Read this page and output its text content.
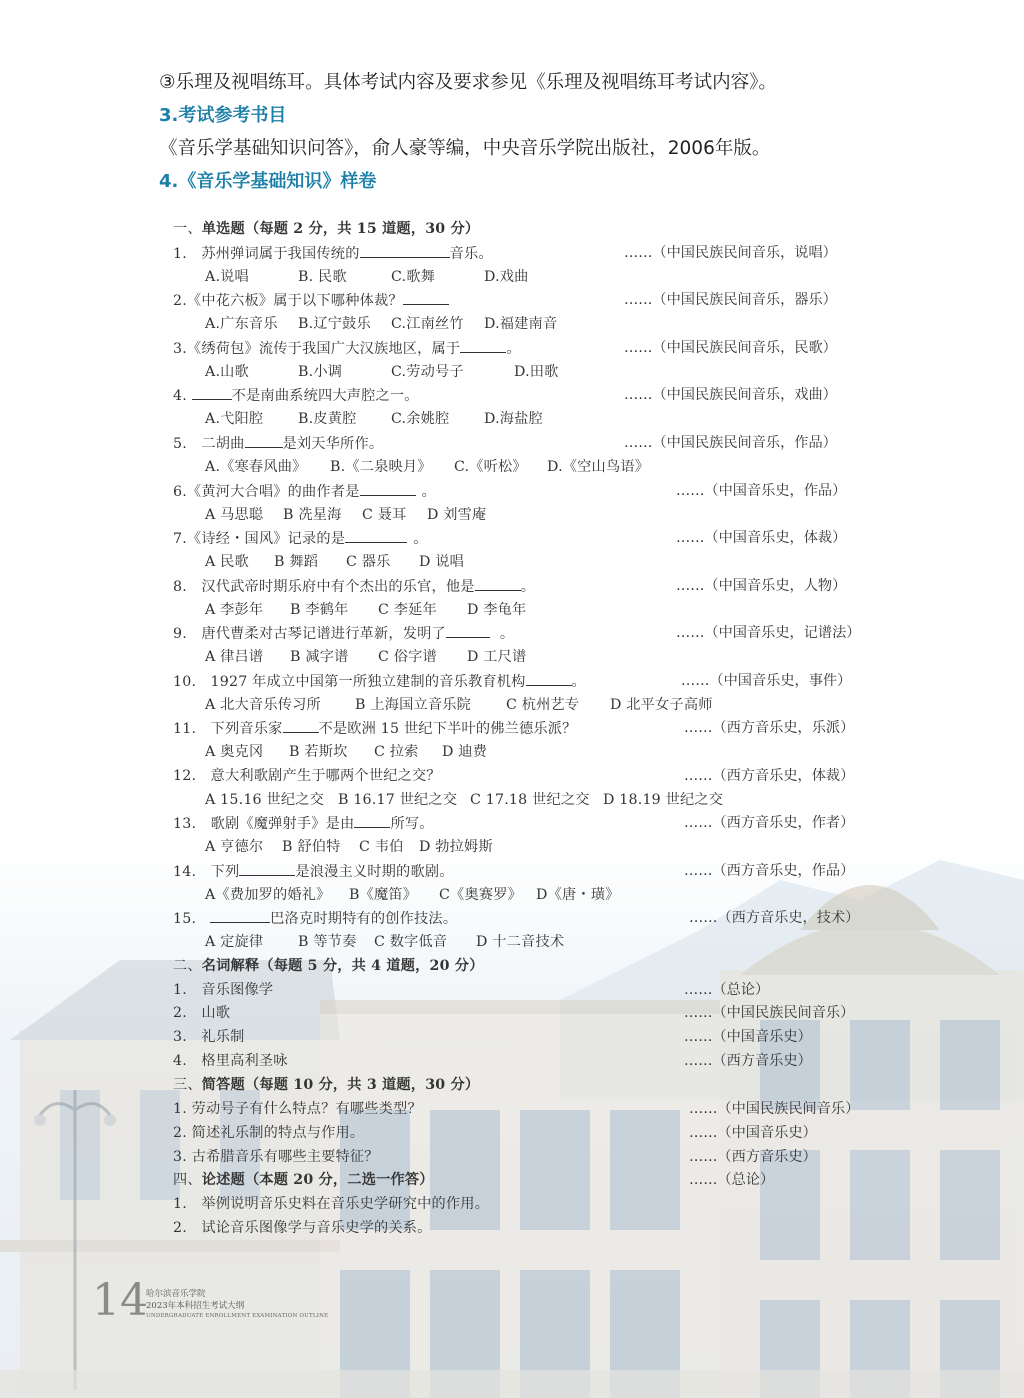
③乐理及视唱练耳。具体考试内容及要求参见《乐理及视唱练耳考试内容》。
3.考试参考书目
《音乐学基础知识问答》，俞人豪等编，中央音乐学院出版社，2006年版。
4.《音乐学基础知识》样卷
一、单选题（每题 2 分，共 15 道题，30 分）
1.　苏州弹词属于我国传统的	音乐。	……（中国民族民间音乐，说唱）
A.说唱	B. 民歌	C.歌舞	D.戏曲
2.《中花六板》属于以下哪种体裁？	……（中国民族民间音乐，器乐）
A.广东音乐 B.辽宁鼓乐 C.江南丝竹 D.福建南音
3.《绣荷包》流传于我国广大汉族地区，属于	。	……（中国民族民间音乐，民歌）
A.山歌	B.小调	C.劳动号子	D.田歌
4.	不是南曲系统四大声腔之一。	……（中国民族民间音乐，戏曲）
A.弋阳腔 B.皮黄腔 C.余姚腔 D.海盐腔
5.　二胡曲	是刘天华所作。	……（中国民族民间音乐，作品）
A.《寒春风曲》 B.《二泉映月》 C.《听松》 D.《空山鸟语》
6.《黄河大合唱》的曲作者是	。	……（中国音乐史，作品）
A 马思聪 B 冼星海 C 聂耳 D 刘雪庵
7.《诗经・国风》记录的是	。	……（中国音乐史，体裁）
A 民歌 B 舞蹈 C 器乐 D 说唱
8.　汉代武帝时期乐府中有个杰出的乐官，他是	。	……（中国音乐史，人物）
A 李彭年 B 李鹤年 C 李延年 D 李龟年
9.　唐代曹柔对古琴记谱进行革新，发明了	。	……（中国音乐史，记谱法）
A 律吕谱 B 减字谱 C 俗字谱 D 工尺谱
10.　1927 年成立中国第一所独立建制的音乐教育机构	。	……（中国音乐史，事件）
A 北大音乐传习所 B 上海国立音乐院 C 杭州艺专 D 北平女子高师
11.　下列音乐家	不是欧洲 15 世纪下半叶的佛兰德乐派？	……（西方音乐史，乐派）
A 奥克冈 B 若斯坎 C 拉索 D 迪费
12.　意大利歌剧产生于哪两个世纪之交？	……（西方音乐史，体裁）
A 15.16 世纪之交 B 16.17 世纪之交 C 17.18 世纪之交 D 18.19 世纪之交
13.　歌剧《魔弹射手》是由	所写。	……（西方音乐史，作者）
A 亨德尔 B 舒伯特 C 韦伯 D 勃拉姆斯
14.　下列	是浪漫主义时期的歌剧。	……（西方音乐史，作品）
A《费加罗的婚礼》 B《魔笛》 C《奥赛罗》 D《唐・璜》
15.	巴洛克时期特有的创作技法。	……（西方音乐史，技术）
A 定旋律 B 等节奏 C 数字低音 D 十二音技术
二、名词解释（每题 5 分，共 4 道题，20 分）
1.　音乐图像学	……（总论）
2.　山歌	……（中国民族民间音乐）
3.　礼乐制	……（中国音乐史）
4.　格里高利圣咏	……（西方音乐史）
三、简答题（每题 10 分，共 3 道题，30 分）
1. 劳动号子有什么特点？有哪些类型？	……（中国民族民间音乐）
2. 简述礼乐制的特点与作用。	……（中国音乐史）
3. 古希腊音乐有哪些主要特征？	……（西方音乐史）
四、论述题（本题 20 分，二选一作答）	……（总论）
1.　举例说明音乐史料在音乐史学研究中的作用。
2.　试论音乐图像学与音乐史学的关系。
14
哈尔滨音乐学院
2023年本科招生考试大纲
UNDERGRADUATE ENROLLMENT EXAMINATION OUTLINE
